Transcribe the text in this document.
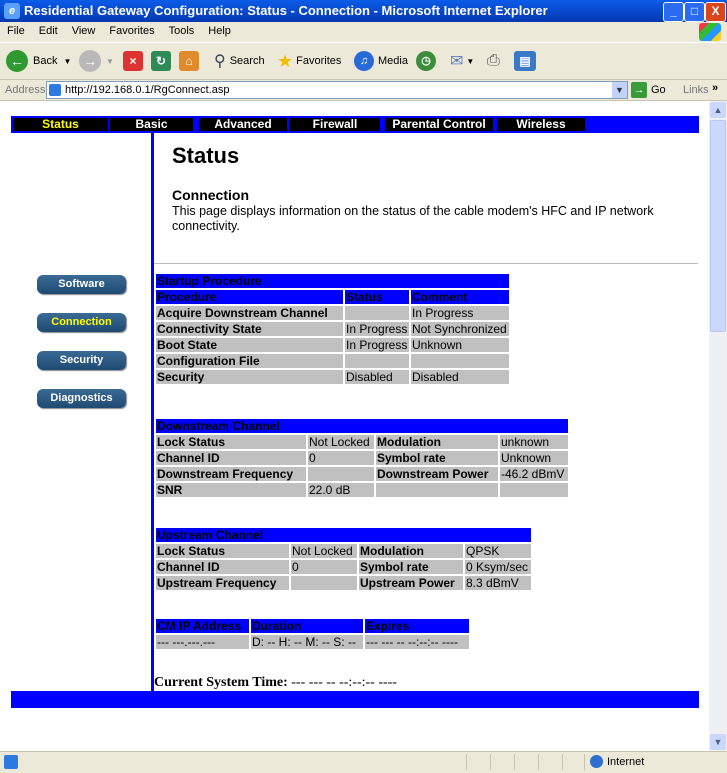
e Residential Gateway Configuration: Status - Connection - Microsoft Internet Explorer	_	□	X
File Edit View Favorites Tools Help
← Back ▼ →	▼	×	↻	⌂	⚲ Search ★ Favorites	♫ Media	◷	✉ ▼ ⎙	▤
Address http://192.168.0.1/RgConnect.asp	▼ → Go Links »
Status	Basic	Advanced	Firewall	Parental Control	Wireless
Status
Connection
This page displays information on the status of the cable modem's HFC and IP network connectivity.
Software
Connection
Security
Diagnostics
Startup Procedure		
Procedure	Status	Comment
Acquire Downstream Channel		In Progress
Connectivity State	In Progress	Not Synchronized
Boot State	In Progress	Unknown
Configuration File		
Security	Disabled	Disabled
Downstream Channel			
Lock Status	Not Locked	Modulation	unknown
Channel ID	0	Symbol rate	Unknown
Downstream Frequency		Downstream Power	-46.2 dBmV
SNR	22.0 dB		
Upstream Channel			
Lock Status	Not Locked	Modulation	QPSK
Channel ID	0	Symbol rate	0 Ksym/sec
Upstream Frequency		Upstream Power	8.3 dBmV
CM IP Address	Duration	Expires
--- ---.---.---	D: -- H: -- M: -- S: --	--- --- -- --:--:-- ----
Current System Time: --- --- -- --:--:-- ----
▲
▼
Internet
